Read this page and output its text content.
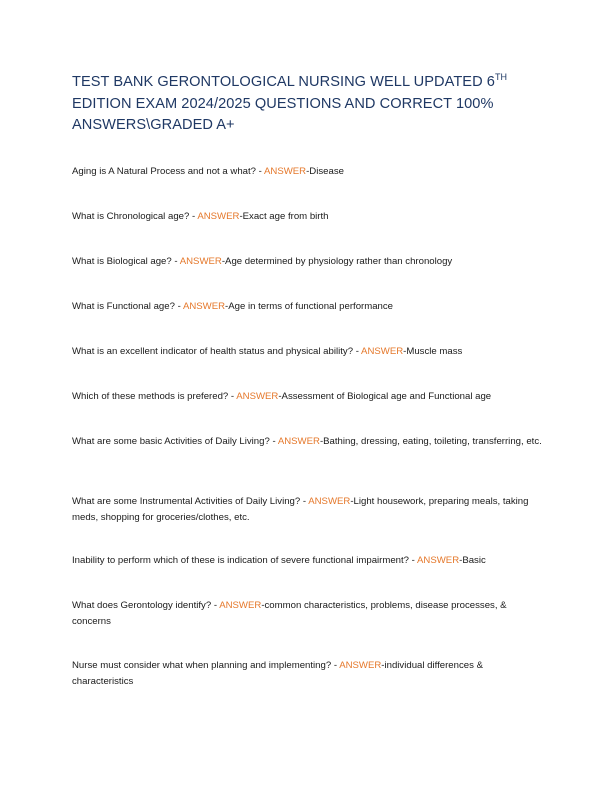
TEST BANK GERONTOLOGICAL NURSING WELL UPDATED 6TH EDITION EXAM 2024/2025 QUESTIONS AND CORRECT 100% ANSWERS\GRADED A+

Aging is A Natural Process and not a what? - ANSWER-Disease

What is Chronological age? - ANSWER-Exact age from birth

What is Biological age? - ANSWER-Age determined by physiology rather than chronology

What is Functional age? - ANSWER-Age in terms of functional performance

What is an excellent indicator of health status and physical ability? - ANSWER-Muscle mass

Which of these methods is prefered? - ANSWER-Assessment of Biological age and Functional age

What are some basic Activities of Daily Living? - ANSWER-Bathing, dressing, eating, toileting, transferring, etc.

What are some Instrumental Activities of Daily Living? - ANSWER-Light housework, preparing meals, taking meds, shopping for groceries/clothes, etc.

Inability to perform which of these is indication of severe functional impairment? - ANSWER-Basic

What does Gerontology identify? - ANSWER-common characteristics, problems, disease processes, & concerns

Nurse must consider what when planning and implementing? - ANSWER-individual differences & characteristics
